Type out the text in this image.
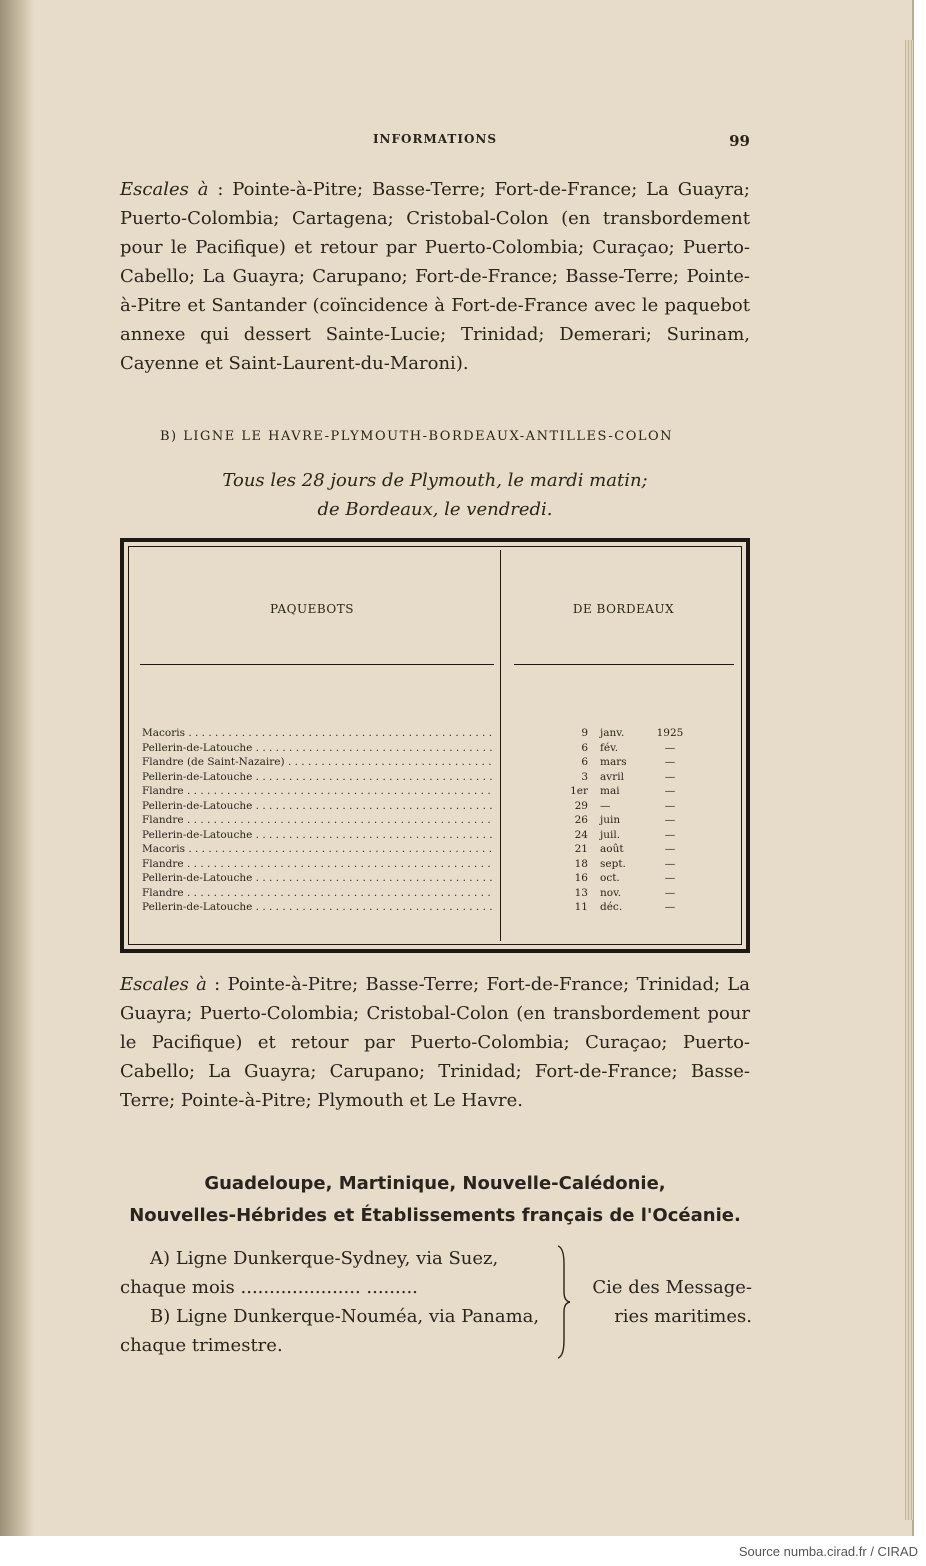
INFORMATIONS	99
Escales à : Pointe-à-Pitre; Basse-Terre; Fort-de-France; La Guayra; Puerto-Colombia; Cartagena; Cristobal-Colon (en transbordement pour le Pacifique) et retour par Puerto-Colombia; Curaçao; Puerto-Cabello; La Guayra; Carupano; Fort-de-France; Basse-Terre; Pointe-à-Pitre et Santander (coïncidence à Fort-de-France avec le paquebot annexe qui dessert Sainte-Lucie; Trinidad; Demerari; Surinam, Cayenne et Saint-Laurent-du-Maroni).
B) LIGNE LE HAVRE-PLYMOUTH-BORDEAUX-ANTILLES-COLON
Tous les 28 jours de Plymouth, le mardi matin;
de Bordeaux, le vendredi.
PAQUEBOTS	DE BORDEAUX
Macoris . . .	9 janv.	1925
Pellerin-de-Latouche . . .	6 fév.	—
Flandre (de Saint-Nazaire) . . .	6 mars	—
Pellerin-de-Latouche . . .	3 avril	—
Flandre . . .	1er mai	—
Pellerin-de-Latouche . . .	29 —	—
Flandre . . .	26 juin	—
Pellerin-de-Latouche . . .	24 juil.	—
Macoris . . .	21 août	—
Flandre . . .	18 sept.	—
Pellerin-de-Latouche . . .	16 oct.	—
Flandre . . .	13 nov.	—
Pellerin-de-Latouche . . .	11 déc.	—
Escales à : Pointe-à-Pitre; Basse-Terre; Fort-de-France; Trinidad; La Guayra; Puerto-Colombia; Cristobal-Colon (en transbordement pour le Pacifique) et retour par Puerto-Colombia; Curaçao; Puerto-Cabello; La Guayra; Carupano; Trinidad; Fort-de-France; Basse-Terre; Pointe-à-Pitre; Plymouth et Le Havre.
Guadeloupe, Martinique, Nouvelle-Calédonie,
Nouvelles-Hébrides et Établissements français de l'Océanie.
A) Ligne Dunkerque-Sydney, via Suez,
chaque mois ..................... .........
B) Ligne Dunkerque-Nouméa, via Panama,
chaque trimestre.
Cie des Message-
ries maritimes.
Source numba.cirad.fr / CIRAD
